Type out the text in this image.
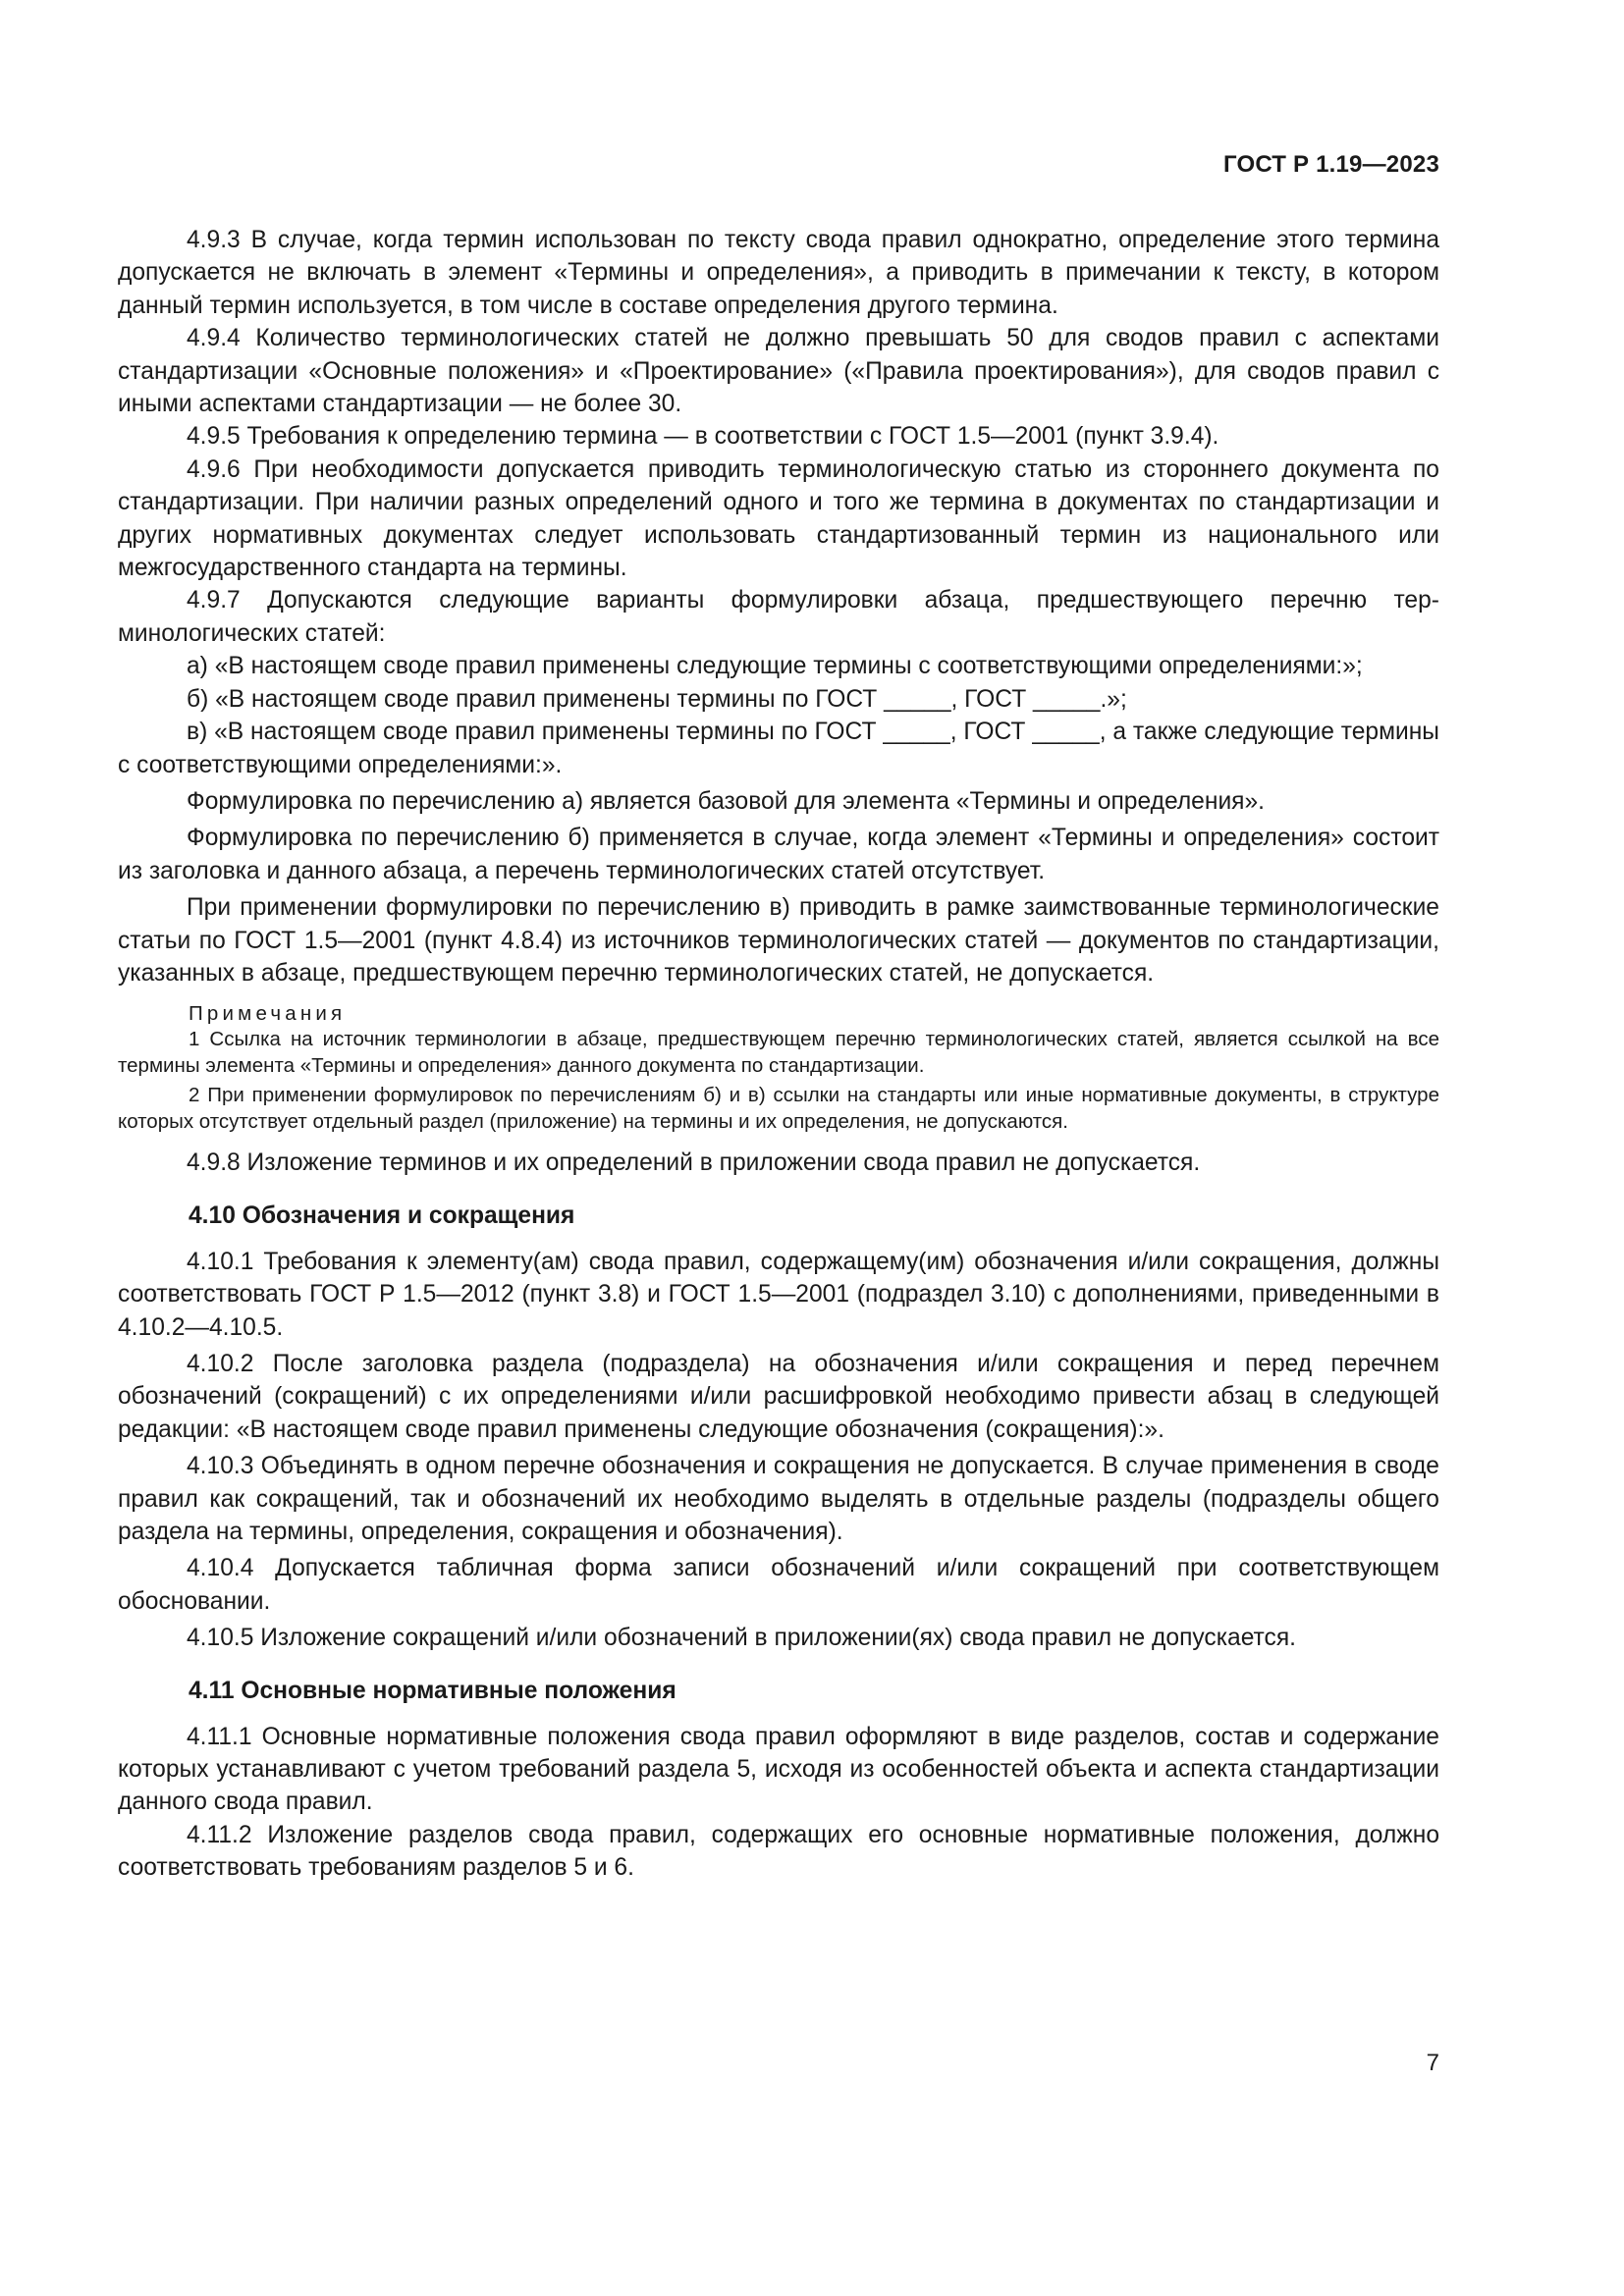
ГОСТ Р 1.19—2023

4.9.3 В случае, когда термин использован по тексту свода правил однократно, определение этого термина допускается не включать в элемент «Термины и определения», а приводить в примечании к тексту, в котором данный термин используется, в том числе в составе определения другого термина.

4.9.4 Количество терминологических статей не должно превышать 50 для сводов правил с аспектами стандартизации «Основные положения» и «Проектирование» («Правила проектирования»), для сводов правил с иными аспектами стандартизации — не более 30.

4.9.5 Требования к определению термина — в соответствии с ГОСТ 1.5—2001 (пункт 3.9.4).

4.9.6 При необходимости допускается приводить терминологическую статью из стороннего документа по стандартизации. При наличии разных определений одного и того же термина в документах по стандартизации и других нормативных документах следует использовать стандартизованный термин из национального или межгосударственного стандарта на термины.

4.9.7 Допускаются следующие варианты формулировки абзаца, предшествующего перечню терминологических статей:

а) «В настоящем своде правил применены следующие термины с соответствующими определениями:»;

б) «В настоящем своде правил применены термины по ГОСТ _____, ГОСТ _____.»;

в) «В настоящем своде правил применены термины по ГОСТ _____, ГОСТ _____, а также следующие термины с соответствующими определениями:».

Формулировка по перечислению а) является базовой для элемента «Термины и определения».

Формулировка по перечислению б) применяется в случае, когда элемент «Термины и определения» состоит из заголовка и данного абзаца, а перечень терминологических статей отсутствует.

При применении формулировки по перечислению в) приводить в рамке заимствованные терминологические статьи по ГОСТ 1.5—2001 (пункт 4.8.4) из источников терминологических статей — документов по стандартизации, указанных в абзаце, предшествующем перечню терминологических статей, не допускается.

Примечания

1 Ссылка на источник терминологии в абзаце, предшествующем перечню терминологических статей, является ссылкой на все термины элемента «Термины и определения» данного документа по стандартизации.

2 При применении формулировок по перечислениям б) и в) ссылки на стандарты или иные нормативные документы, в структуре которых отсутствует отдельный раздел (приложение) на термины и их определения, не допускаются.

4.9.8 Изложение терминов и их определений в приложении свода правил не допускается.

4.10 Обозначения и сокращения

4.10.1 Требования к элементу(ам) свода правил, содержащему(им) обозначения и/или сокращения, должны соответствовать ГОСТ Р 1.5—2012 (пункт 3.8) и ГОСТ 1.5—2001 (подраздел 3.10) с дополнениями, приведенными в 4.10.2—4.10.5.

4.10.2 После заголовка раздела (подраздела) на обозначения и/или сокращения и перед перечнем обозначений (сокращений) с их определениями и/или расшифровкой необходимо привести абзац в следующей редакции: «В настоящем своде правил применены следующие обозначения (сокращения):».

4.10.3 Объединять в одном перечне обозначения и сокращения не допускается. В случае применения в своде правил как сокращений, так и обозначений их необходимо выделять в отдельные разделы (подразделы общего раздела на термины, определения, сокращения и обозначения).

4.10.4 Допускается табличная форма записи обозначений и/или сокращений при соответствующем обосновании.

4.10.5 Изложение сокращений и/или обозначений в приложении(ях) свода правил не допускается.

4.11 Основные нормативные положения

4.11.1 Основные нормативные положения свода правил оформляют в виде разделов, состав и содержание которых устанавливают с учетом требований раздела 5, исходя из особенностей объекта и аспекта стандартизации данного свода правил.

4.11.2 Изложение разделов свода правил, содержащих его основные нормативные положения, должно соответствовать требованиям разделов 5 и 6.

7
